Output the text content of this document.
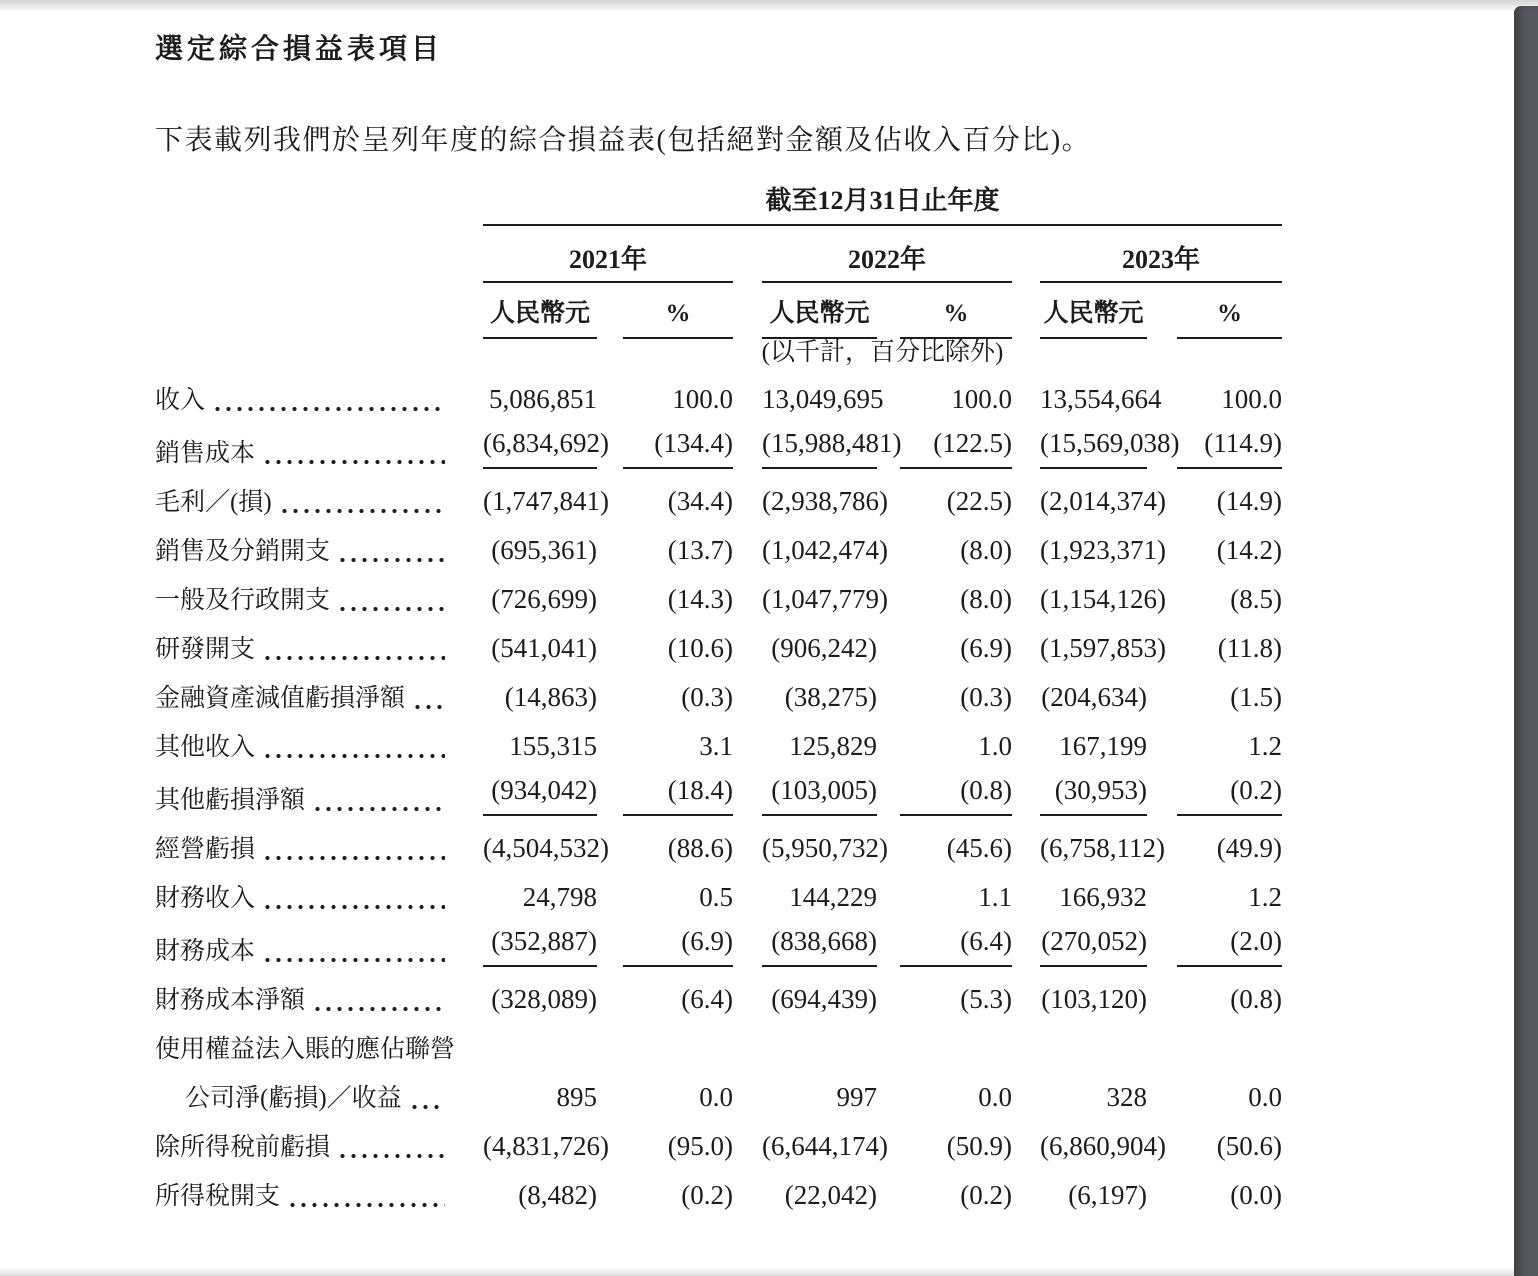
選定綜合損益表項目

下表載列我們於呈列年度的綜合損益表(包括絕對金額及佔收入百分比)。

	截至12月31日止年度					

	2021年		2022年		2023年	

	人民幣元	%	人民幣元	%	人民幣元	%

	(以千計，百分比除外)					

收入	5,086,851	100.0	13,049,695	100.0	13,554,664	100.0

銷售成本	(6,834,692)	(134.4)	(15,988,481)	(122.5)	(15,569,038)	(114.9)

毛利／(損)	(1,747,841)	(34.4)	(2,938,786)	(22.5)	(2,014,374)	(14.9)

銷售及分銷開支	(695,361)	(13.7)	(1,042,474)	(8.0)	(1,923,371)	(14.2)

一般及行政開支	(726,699)	(14.3)	(1,047,779)	(8.0)	(1,154,126)	(8.5)

研發開支	(541,041)	(10.6)	(906,242)	(6.9)	(1,597,853)	(11.8)

金融資產減值虧損淨額	(14,863)	(0.3)	(38,275)	(0.3)	(204,634)	(1.5)

其他收入	155,315	3.1	125,829	1.0	167,199	1.2

其他虧損淨額	(934,042)	(18.4)	(103,005)	(0.8)	(30,953)	(0.2)

經營虧損	(4,504,532)	(88.6)	(5,950,732)	(45.6)	(6,758,112)	(49.9)

財務收入	24,798	0.5	144,229	1.1	166,932	1.2

財務成本	(352,887)	(6.9)	(838,668)	(6.4)	(270,052)	(2.0)

財務成本淨額	(328,089)	(6.4)	(694,439)	(5.3)	(103,120)	(0.8)

使用權益法入賬的應佔聯營						

公司淨(虧損)／收益	895	0.0	997	0.0	328	0.0

除所得稅前虧損	(4,831,726)	(95.0)	(6,644,174)	(50.9)	(6,860,904)	(50.6)

所得稅開支	(8,482)	(0.2)	(22,042)	(0.2)	(6,197)	(0.0)
